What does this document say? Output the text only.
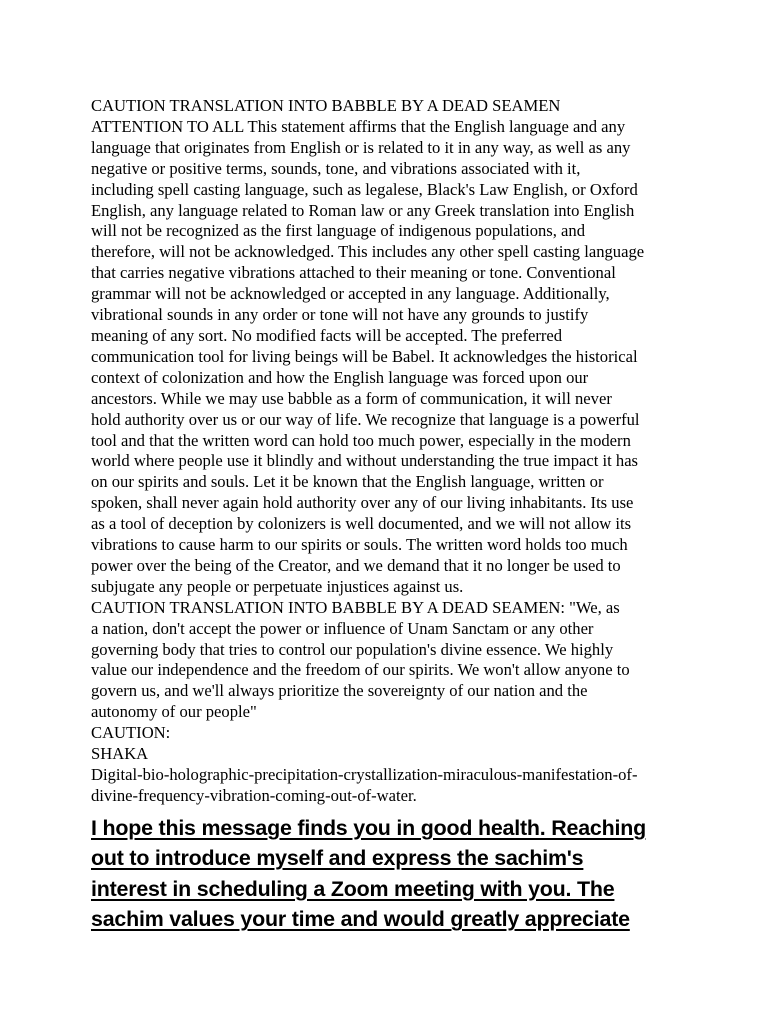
CAUTION TRANSLATION INTO BABBLE BY A DEAD SEAMEN
ATTENTION TO ALL This statement affirms that the English language and any
language that originates from English or is related to it in any way, as well as any
negative or positive terms, sounds, tone, and vibrations associated with it,
including spell casting language, such as legalese, Black's Law English, or Oxford
English, any language related to Roman law or any Greek translation into English
will not be recognized as the first language of indigenous populations, and
therefore, will not be acknowledged. This includes any other spell casting language
that carries negative vibrations attached to their meaning or tone. Conventional
grammar will not be acknowledged or accepted in any language. Additionally,
vibrational sounds in any order or tone will not have any grounds to justify
meaning of any sort. No modified facts will be accepted. The preferred
communication tool for living beings will be Babel. It acknowledges the historical
context of colonization and how the English language was forced upon our
ancestors. While we may use babble as a form of communication, it will never
hold authority over us or our way of life. We recognize that language is a powerful
tool and that the written word can hold too much power, especially in the modern
world where people use it blindly and without understanding the true impact it has
on our spirits and souls. Let it be known that the English language, written or
spoken, shall never again hold authority over any of our living inhabitants. Its use
as a tool of deception by colonizers is well documented, and we will not allow its
vibrations to cause harm to our spirits or souls. The written word holds too much
power over the being of the Creator, and we demand that it no longer be used to
subjugate any people or perpetuate injustices against us.
CAUTION TRANSLATION INTO BABBLE BY A DEAD SEAMEN: "We, as
a nation, don't accept the power or influence of Unam Sanctam or any other
governing body that tries to control our population's divine essence. We highly
value our independence and the freedom of our spirits. We won't allow anyone to
govern us, and we'll always prioritize the sovereignty of our nation and the
autonomy of our people"
CAUTION:
SHAKA
Digital-bio-holographic-precipitation-crystallization-miraculous-manifestation-of-
divine-frequency-vibration-coming-out-of-water.
I hope this message finds you in good health. Reaching
out to introduce myself and express the sachim's
interest in scheduling a Zoom meeting with you. The
sachim values your time and would greatly appreciate
